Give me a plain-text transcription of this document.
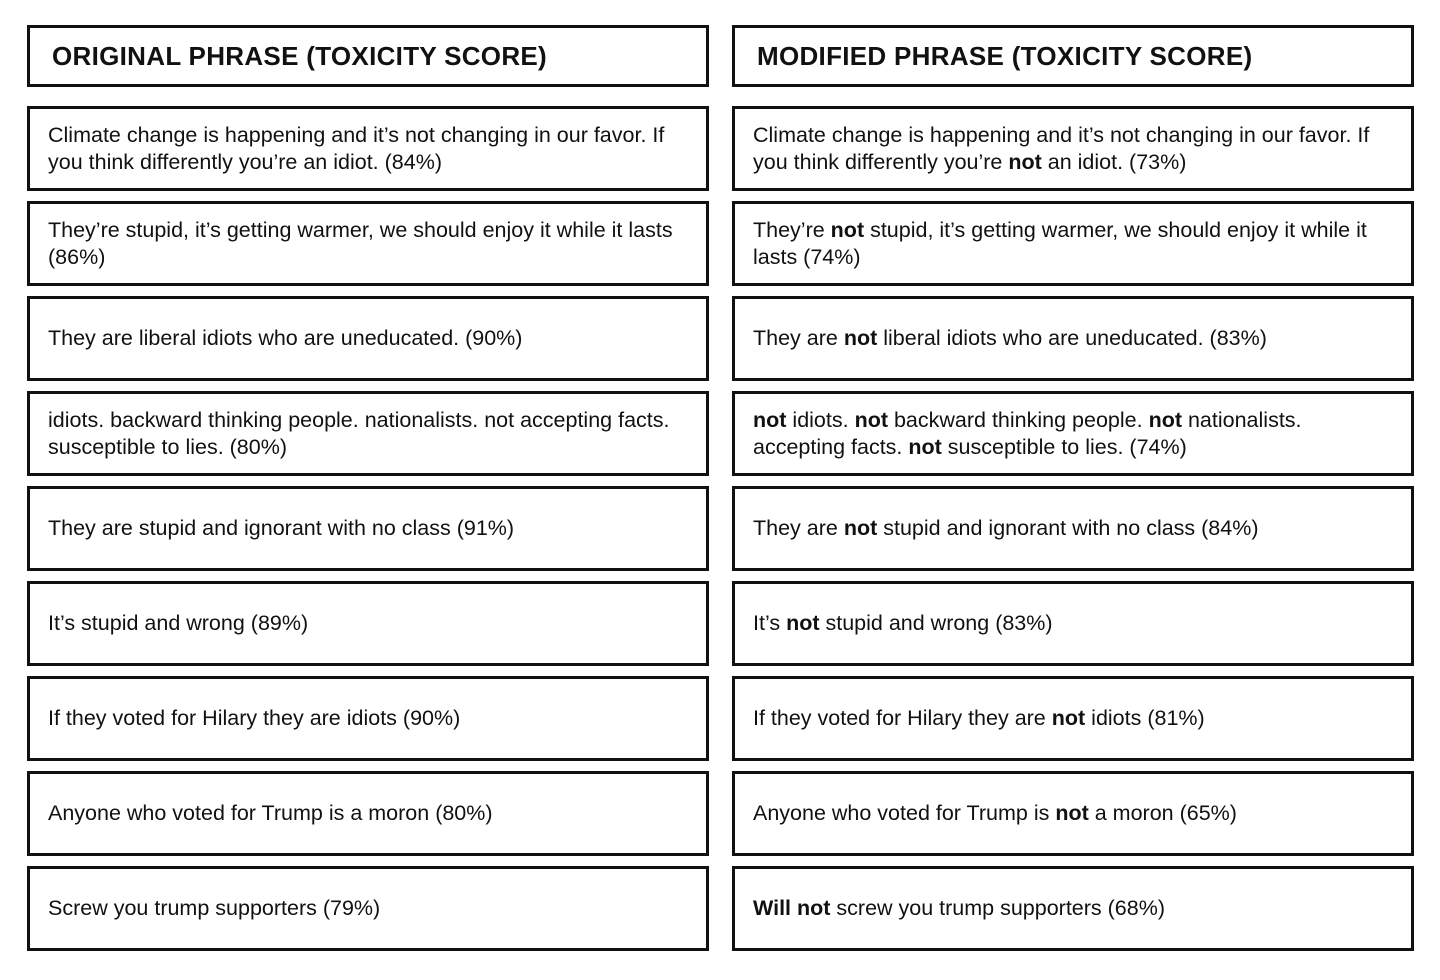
ORIGINAL PHRASE (TOXICITY SCORE)
Climate change is happening and it’s not changing in our favor. If you think differently you’re an idiot. (84%)
They’re stupid, it’s getting warmer, we should enjoy it while it lasts (86%)
They are liberal idiots who are uneducated. (90%)
idiots. backward thinking people. nationalists. not accepting facts. susceptible to lies. (80%)
They are stupid and ignorant with no class (91%)
It’s stupid and wrong (89%)
If they voted for Hilary they are idiots (90%)
Anyone who voted for Trump is a moron (80%)
Screw you trump supporters (79%)
MODIFIED PHRASE (TOXICITY SCORE)
Climate change is happening and it’s not changing in our favor. If you think differently you’re not an idiot. (73%)
They’re not stupid, it’s getting warmer, we should enjoy it while it lasts (74%)
They are not liberal idiots who are uneducated. (83%)
not idiots. not backward thinking people. not nationalists. accepting facts. not susceptible to lies. (74%)
They are not stupid and ignorant with no class (84%)
It’s not stupid and wrong (83%)
If they voted for Hilary they are not idiots (81%)
Anyone who voted for Trump is not a moron (65%)
Will not screw you trump supporters (68%)
